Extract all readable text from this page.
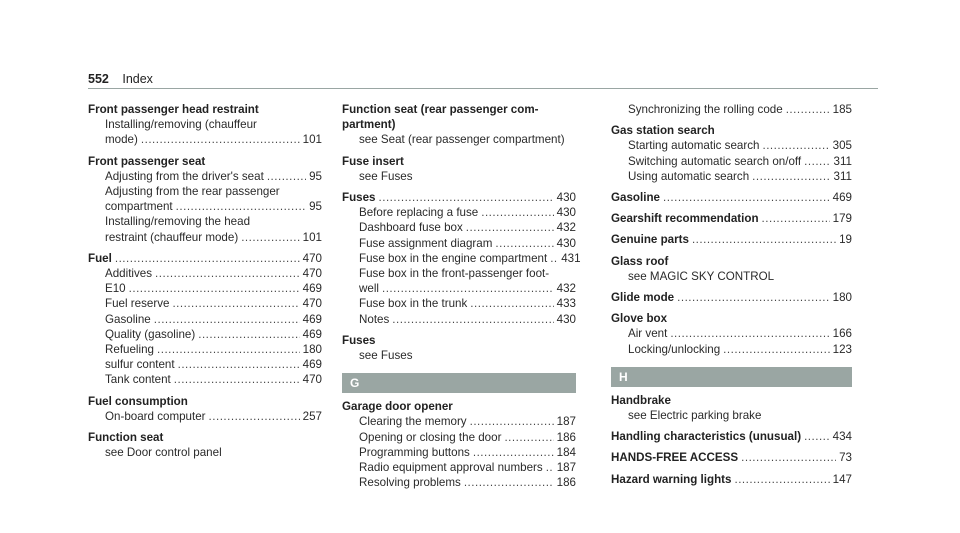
552 Index
Front passenger head restraint
Installing/removing (chauffeur
mode) .....	101
Front passenger seat
Adjusting from the driver's seat .....	95
Adjusting from the rear passenger
compartment .....	95
Installing/removing the head
restraint (chauffeur mode) .....	101
Fuel .....	470
Additives .....	470
E10 .....	469
Fuel reserve .....	470
Gasoline .....	469
Quality (gasoline) .....	469
Refueling .....	180
sulfur content .....	469
Tank content .....	470
Fuel consumption
On-board computer .....	257
Function seat
see Door control panel
Function seat (rear passenger com-
partment)
see Seat (rear passenger compartment)
Fuse insert
see Fuses
Fuses .....	430
Before replacing a fuse .....	430
Dashboard fuse box .....	432
Fuse assignment diagram .....	430
Fuse box in the engine compartment ..... 431
Fuse box in the front-passenger foot-
well .....	432
Fuse box in the trunk .....	433
Notes .....	430
Fuses
see Fuses
G
Garage door opener
Clearing the memory .....	187
Opening or closing the door .....	186
Programming buttons .....	184
Radio equipment approval numbers ..... 187
Resolving problems .....	186
Synchronizing the rolling code .....	185
Gas station search
Starting automatic search .....	305
Switching automatic search on/off .....	311
Using automatic search .....	311
Gasoline .....	469
Gearshift recommendation .....	179
Genuine parts .....	19
Glass roof
see MAGIC SKY CONTROL
Glide mode .....	180
Glove box
Air vent .....	166
Locking/unlocking .....	123
H
Handbrake
see Electric parking brake
Handling characteristics (unusual) .....	434
HANDS-FREE ACCESS .....	73
Hazard warning lights .....	147
